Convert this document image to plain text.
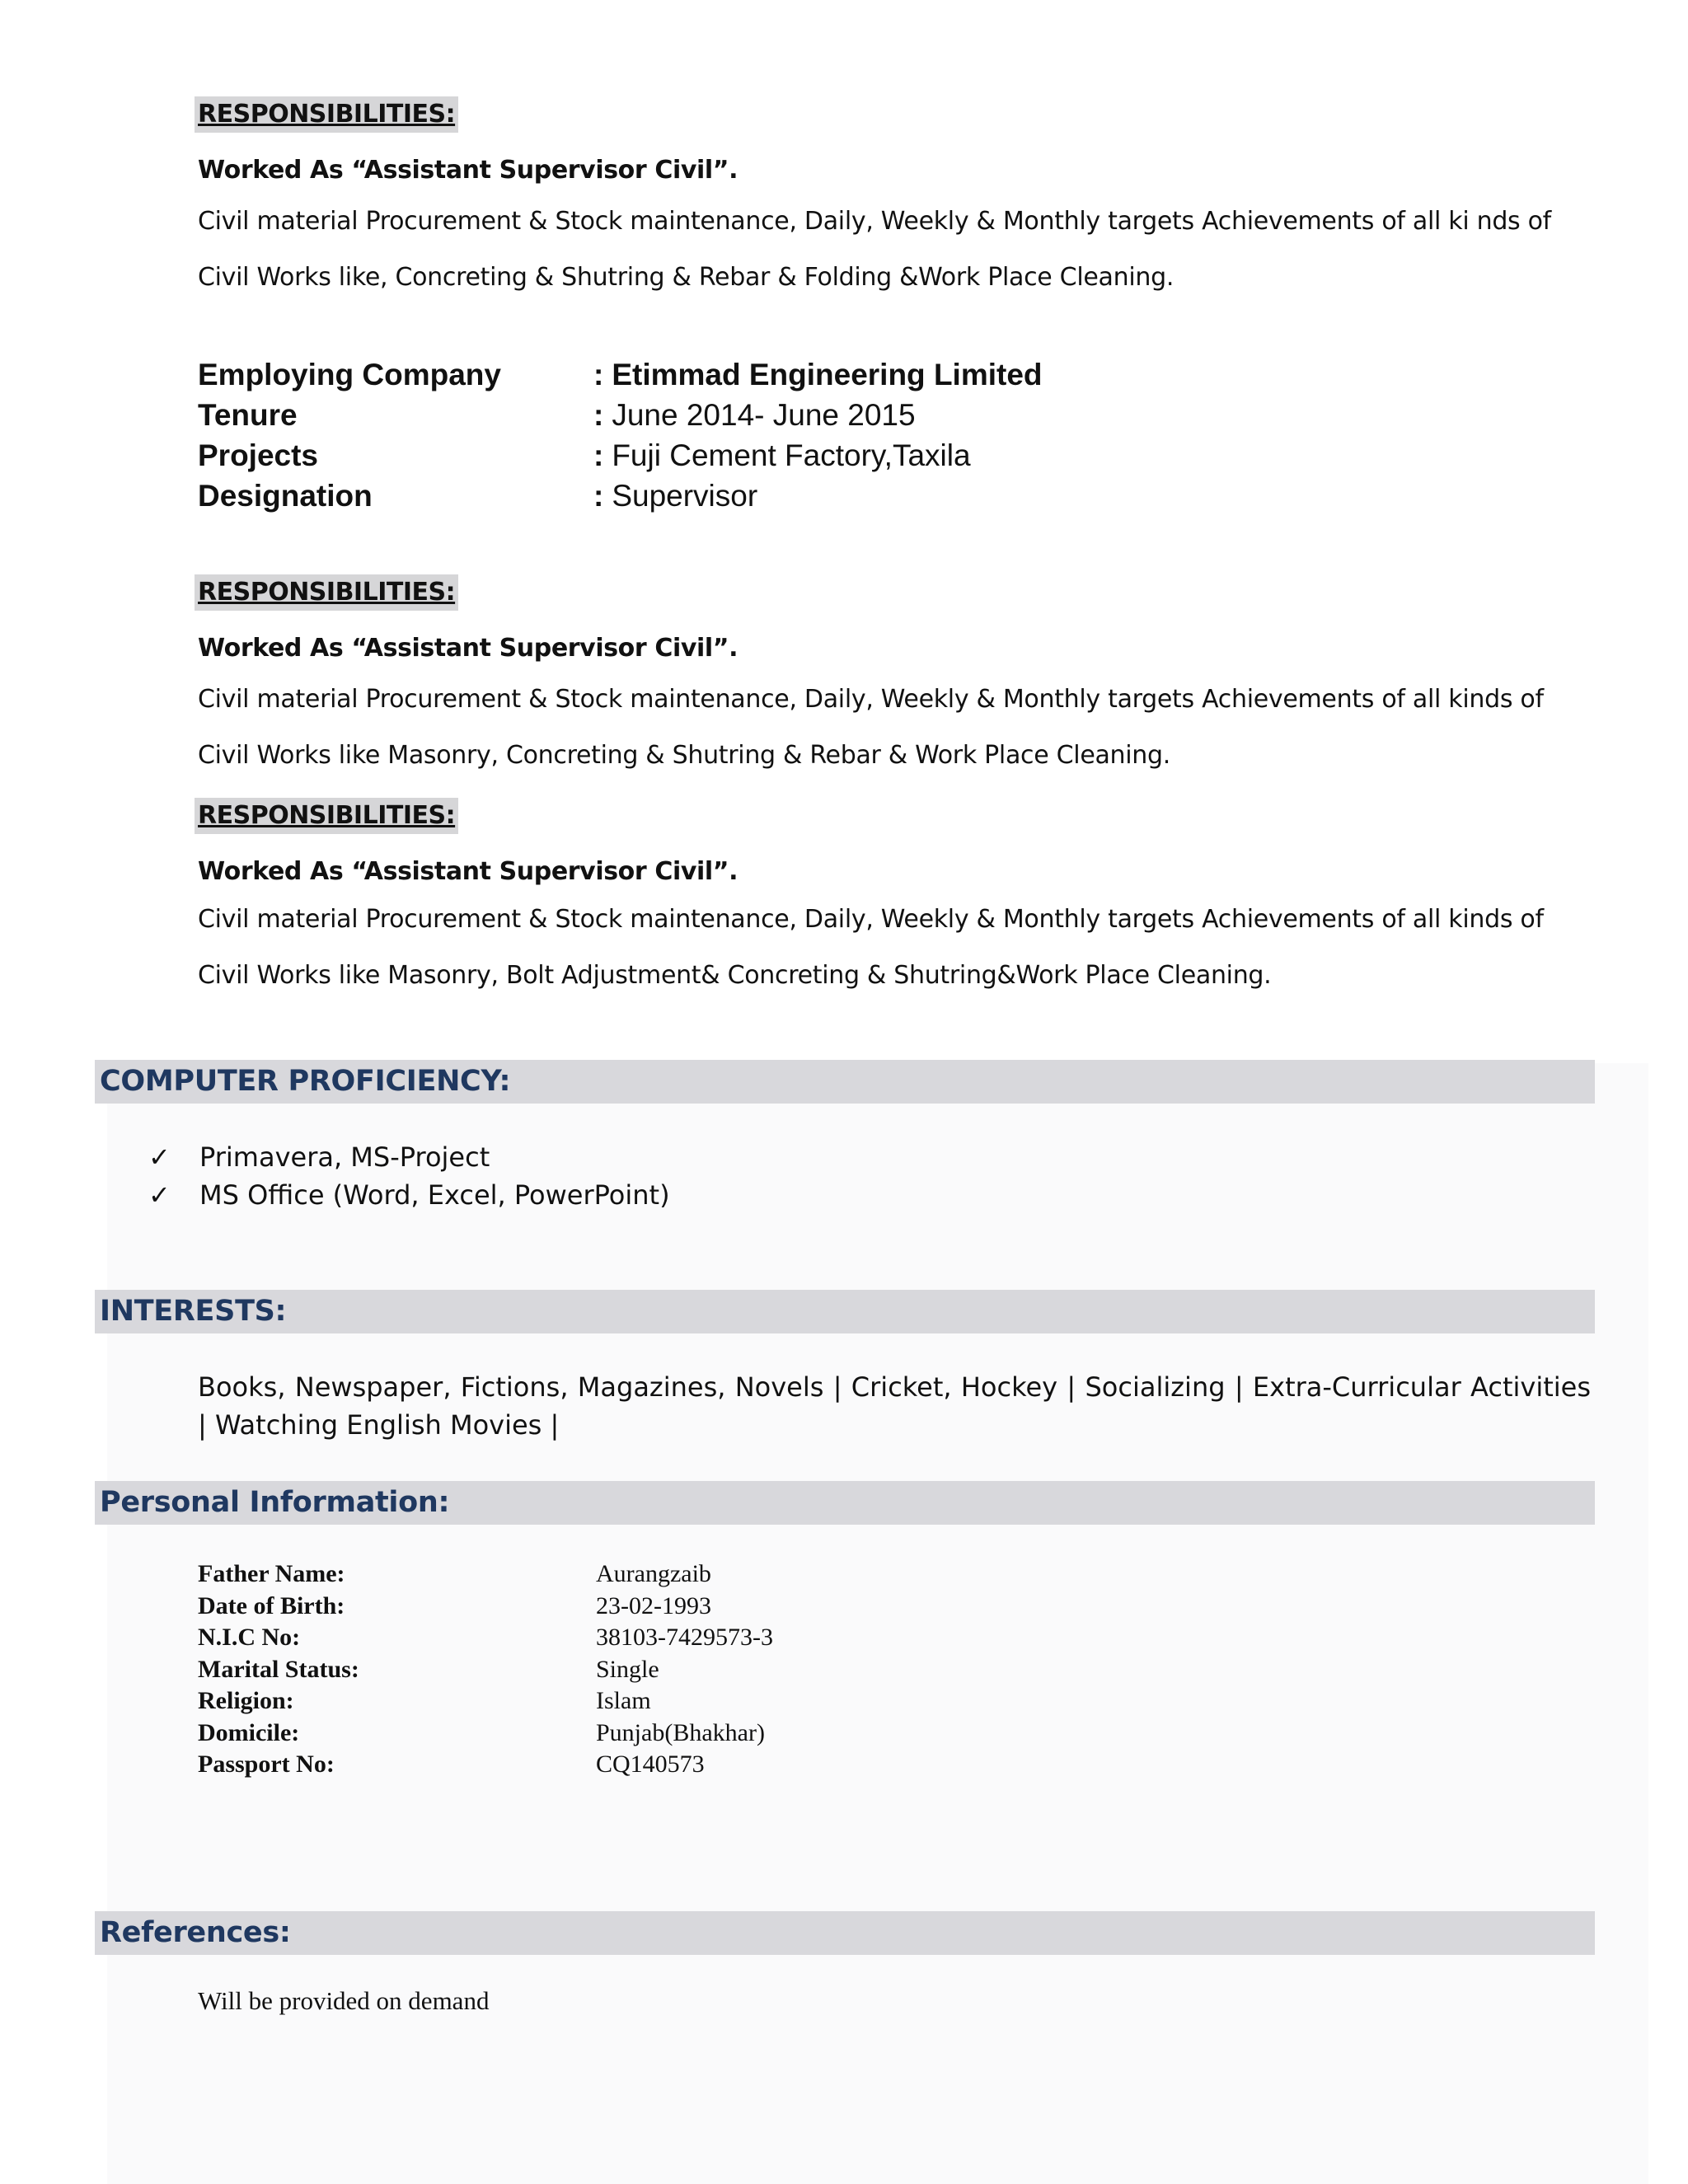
RESPONSIBILITIES:
Worked As “Assistant Supervisor Civil”.
Civil material Procurement & Stock maintenance, Daily, Weekly & Monthly targets Achievements of all ki nds of
Civil Works like, Concreting & Shutring & Rebar & Folding &Work Place Cleaning.
Employing Company	: Etimmad Engineering Limited
Tenure	: June 2014- June 2015
Projects	: Fuji Cement Factory,Taxila
Designation	: Supervisor
RESPONSIBILITIES:
Worked As “Assistant Supervisor Civil”.
Civil material Procurement & Stock maintenance, Daily, Weekly & Monthly targets Achievements of all kinds of
Civil Works like Masonry, Concreting & Shutring & Rebar & Work Place Cleaning.
RESPONSIBILITIES:
Worked As “Assistant Supervisor Civil”.
Civil material Procurement & Stock maintenance, Daily, Weekly & Monthly targets Achievements of all kinds of
Civil Works like Masonry, Bolt Adjustment& Concreting & Shutring&Work Place Cleaning.
COMPUTER PROFICIENCY:
✓	Primavera, MS-Project
✓	MS Office (Word, Excel, PowerPoint)
INTERESTS:
Books, Newspaper, Fictions, Magazines, Novels | Cricket, Hockey | Socializing | Extra-Curricular Activities | Watching English Movies |
Personal Information:
Father Name:	Aurangzaib
Date of Birth:	23-02-1993
N.I.C No:	38103-7429573-3
Marital Status:	Single
Religion:	Islam
Domicile:	Punjab(Bhakhar)
Passport No:	CQ140573
References:
Will be provided on demand
